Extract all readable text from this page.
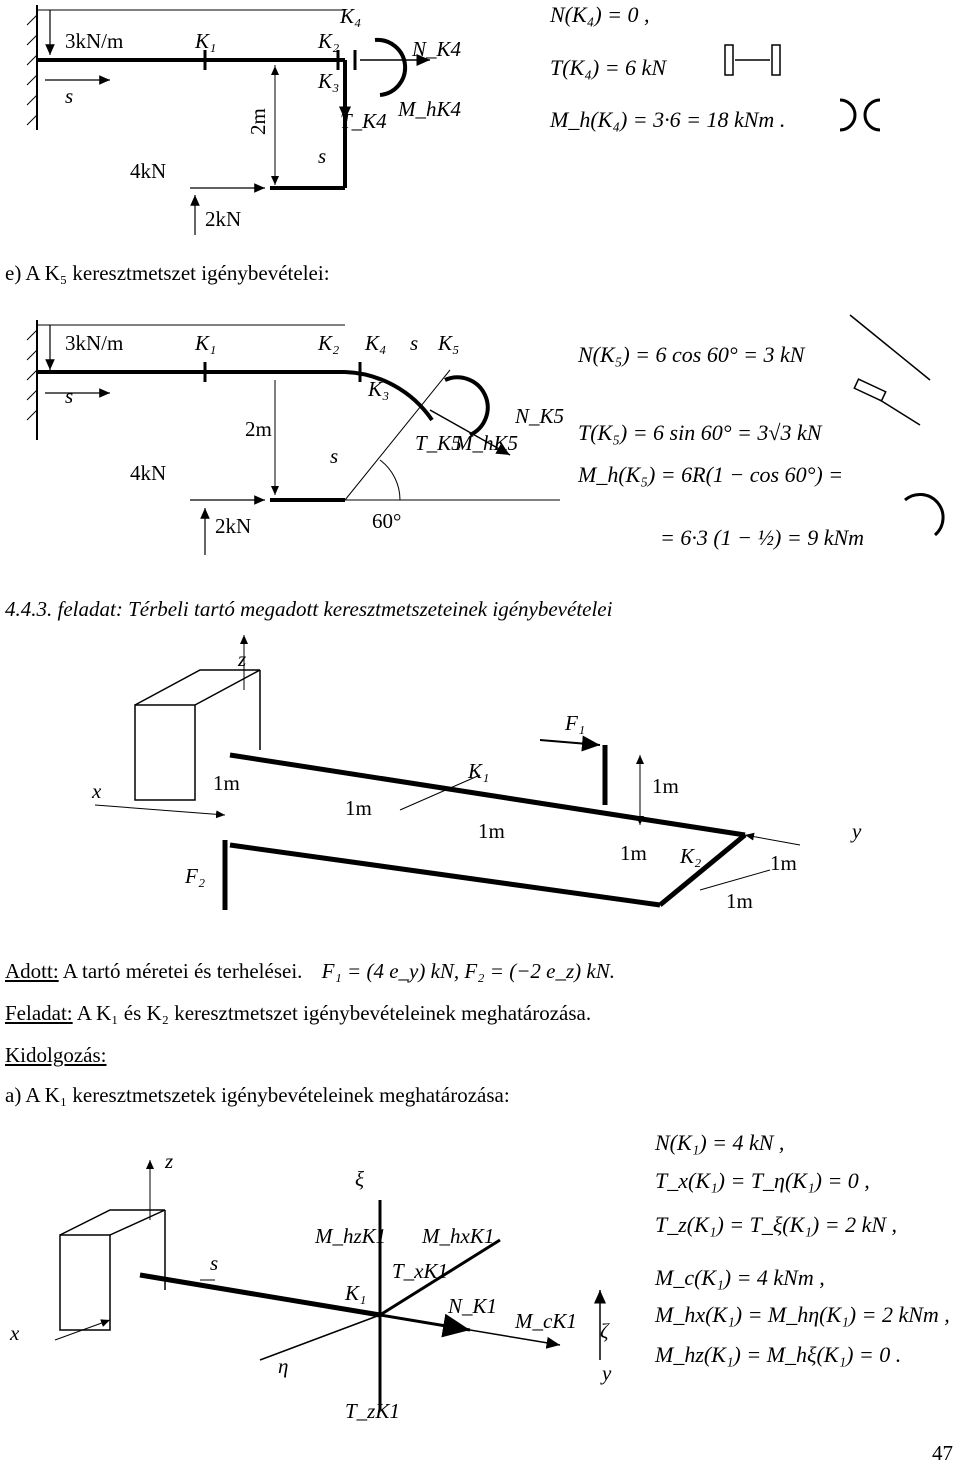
3kN/m	K₁	K₂
K₄
K₃
N_K4
T_K4 M_hK4
s
s
2m
4kN
2kN
N(K₄) = 0 ,
T(K₄) = 6 kN
M_h(K₄) = 3·6 = 18 kNm .
e) A K₅ keresztmetszet igénybevételei:
3kN/m	K₁	K₂ K₄ s K₅
K₃
s
s
2m
4kN
2kN	60°
N_K5
T_K5
M_hK5
N(K₅) = 6 cos 60° = 3 kN
T(K₅) = 6 sin 60° = 3√3 kN
M_h(K₅) = 6R(1 − cos 60°) =
= 6·3 (1 − ½) = 9 kNm
4.4.3. feladat: Térbeli tartó megadott keresztmetszeteinek igénybevételei
z
x
y
F₁
F₂
K₁
K₂
1m
1m
1m
1m
1m
1m
1m
Adott: A tartó méretei és terhelései. F₁ = (4 e_y) kN, F₂ = (−2 e_z) kN.
Feladat: A K₁ és K₂ keresztmetszet igénybevételeinek meghatározása.
Kidolgozás:
a) A K₁ keresztmetszetek igénybevételeinek meghatározása:
z
x
s
ξ
η
ζ
y
K₁
M_hzK1 M_hxK1
T_xK1
N_K1
M_cK1
T_zK1
N(K₁) = 4 kN ,
T_x(K₁) = T_η(K₁) = 0 ,
T_z(K₁) = T_ξ(K₁) = 2 kN ,
M_c(K₁) = 4 kNm ,
M_hx(K₁) = M_hη(K₁) = 2 kNm ,
M_hz(K₁) = M_hξ(K₁) = 0 .
47
